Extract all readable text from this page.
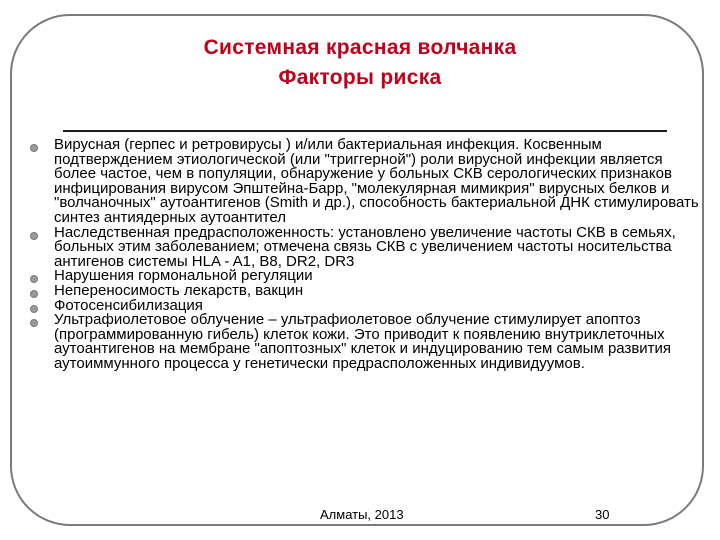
Системная красная волчанка
Факторы риска
Вирусная (герпес и ретровирусы ) и/или бактериальная инфекция. Косвенным подтверждением этиологической (или "триггерной") роли вирусной инфекции является более частое, чем в популяции, обнаружение у больных СКВ серологических признаков инфицирования вирусом Эпштейна-Барр, "молекулярная мимикрия" вирусных белков и "волчаночных" аутоантигенов (Smith и др.), способность бактериальной ДНК стимулировать синтез антиядерных аутоантител
Наследственная предрасположенность: установлено увеличение частоты СКВ в семьях, больных этим заболеванием; отмечена связь СКВ с увеличением частоты носительства антигенов системы HLA - A1, B8, DR2, DR3
Нарушения гормональной регуляции
Непереносимость лекарств, вакцин
Фотосенсибилизация
Ультрафиолетовое облучение – ультрафиолетовое облучение стимулирует апоптоз (программированную гибель) клеток кожи. Это приводит к появлению внутриклеточных аутоантигенов на мембране "апоптозных" клеток и индуцированию тем самым развития аутоиммунного процесса у генетически предрасположенных индивидуумов.
Алматы, 2013	30
